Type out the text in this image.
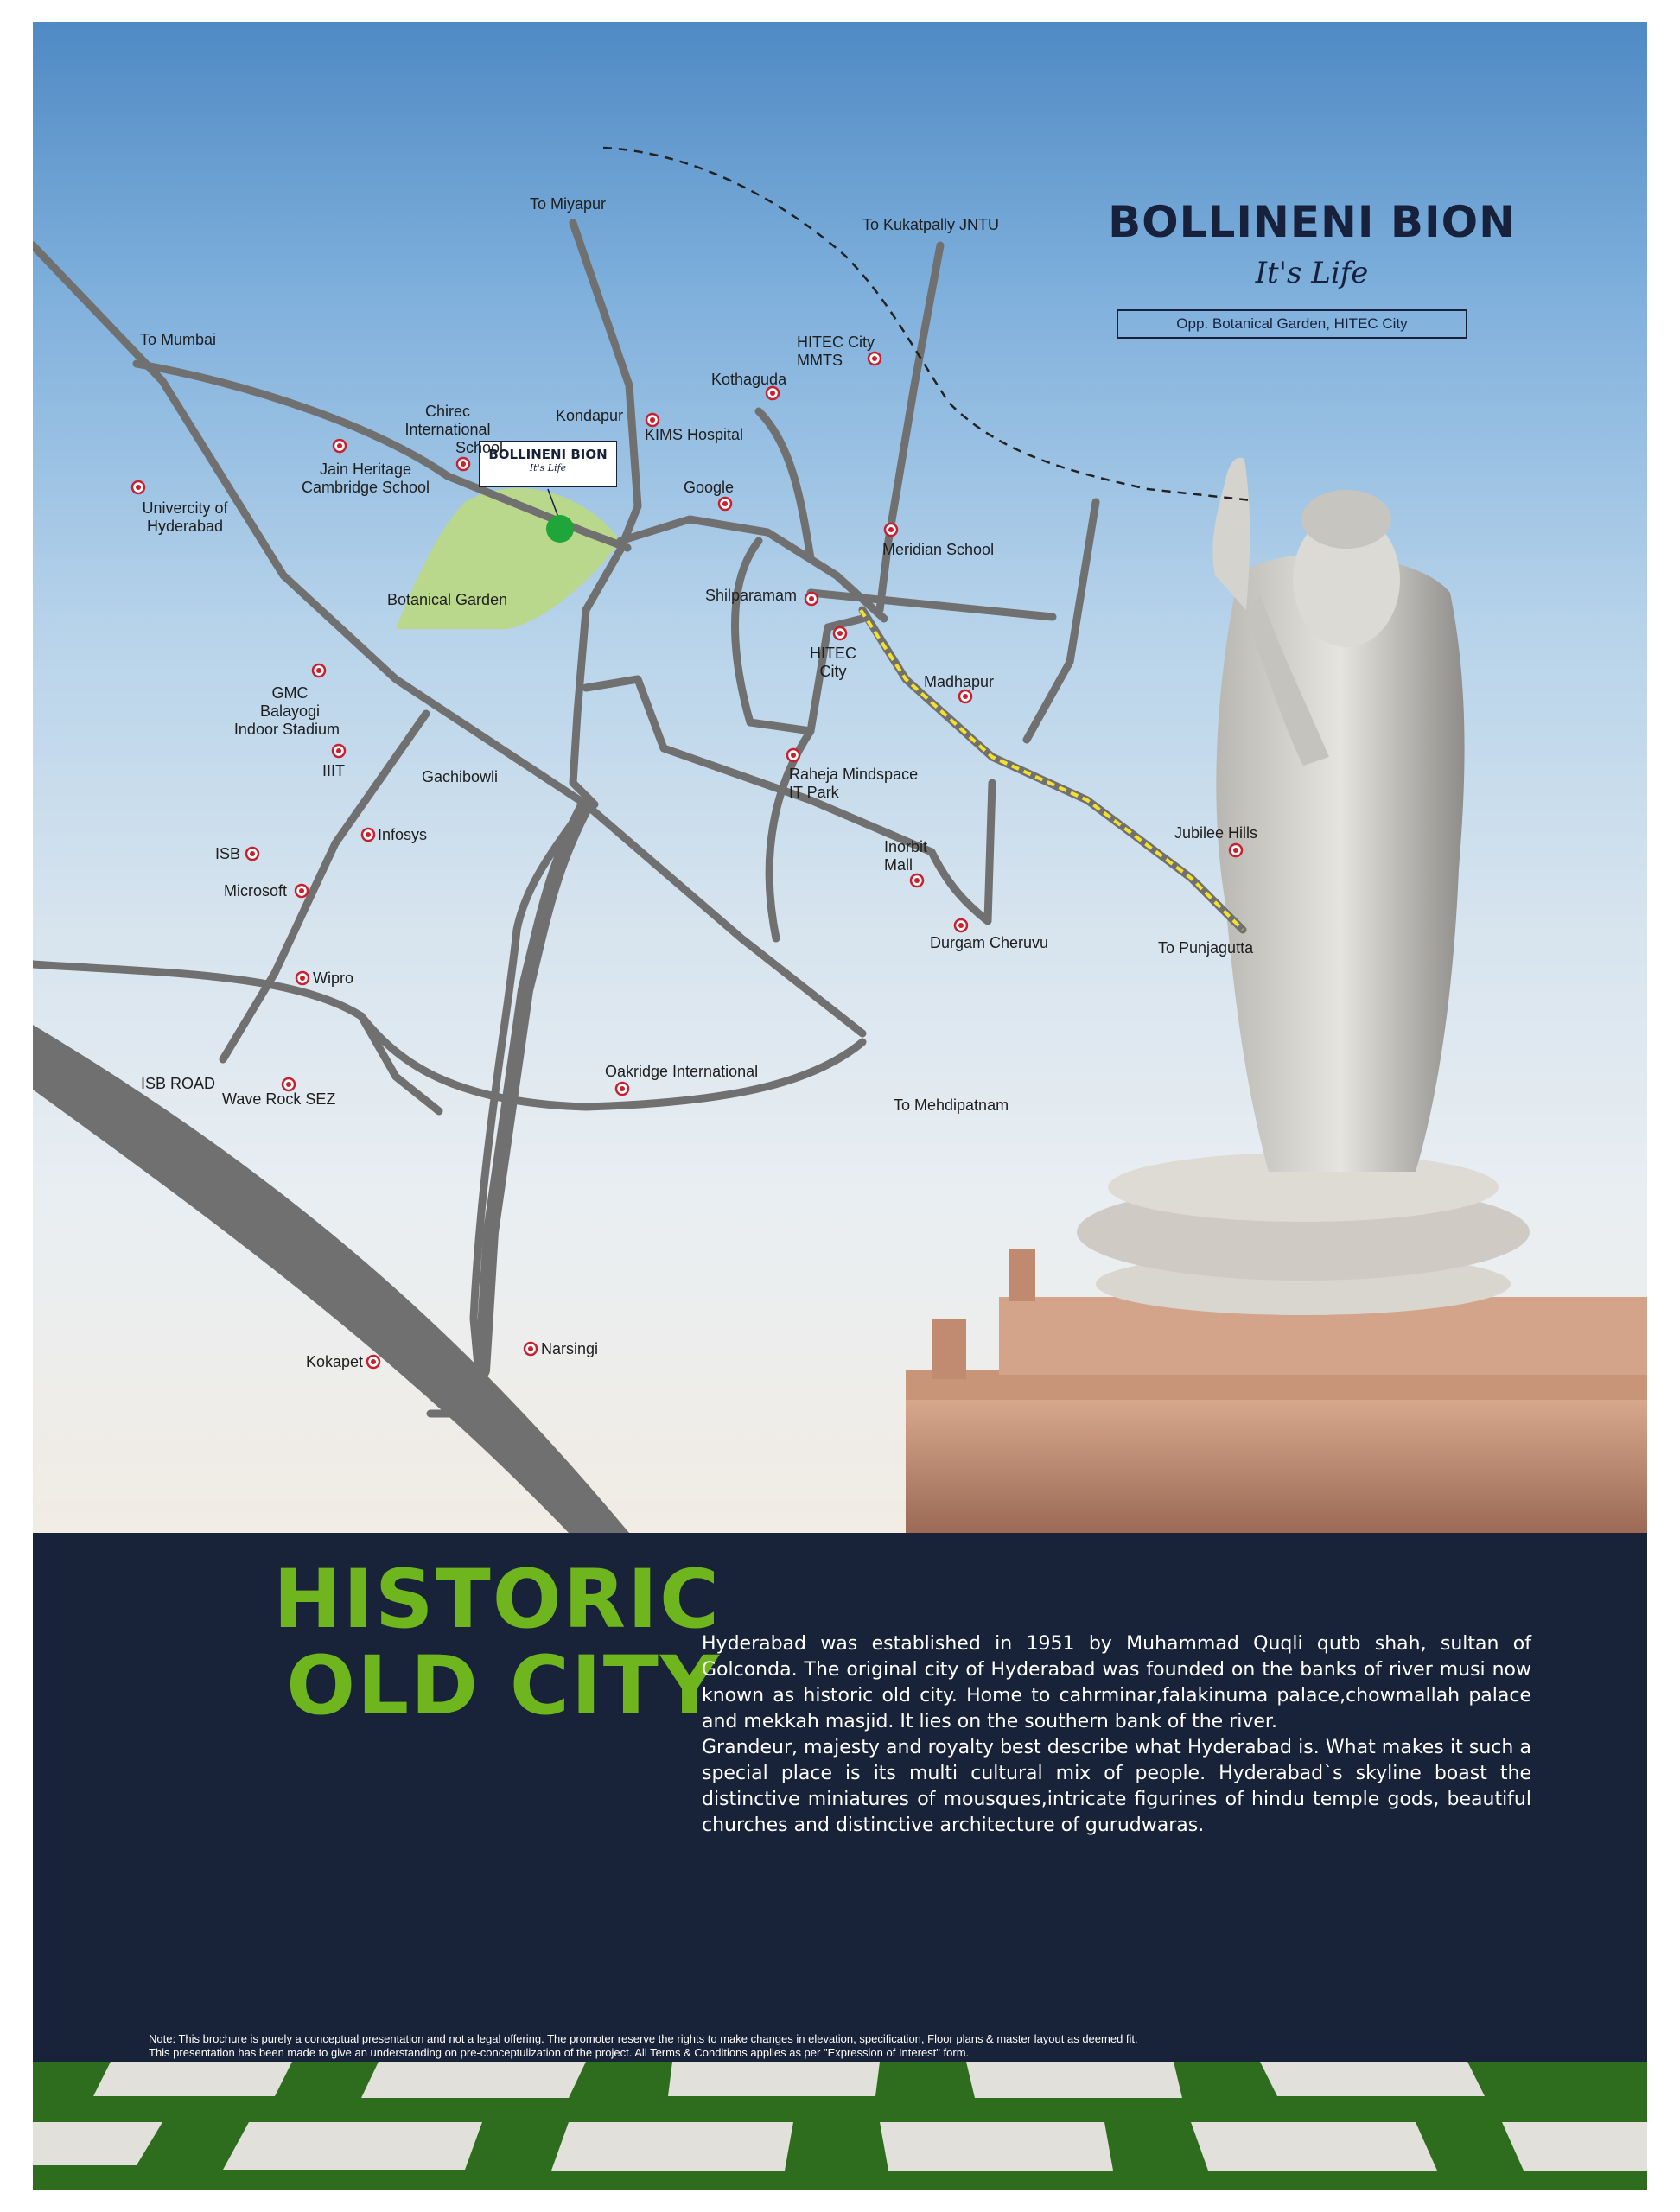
BOLLINENI BION
It's Life
Botanical Garden
To Miyapur
To Kukatpally JNTU
To Mumbai
To Punjagutta
To Mehdipatnam
HITEC City
MMTS
Kothaguda
Kondapur
KIMS Hospital
Chirec
International
School
Jain Heritage
Cambridge School
Univercity of
Hyderabad
Google
Meridian School
Shilparamam
HITEC
City
Madhapur
GMC
Balayogi
Indoor Stadium
IIIT	Gachibowli	Raheja Mindspace
IT Park
Infosys
ISB
Microsoft
Inorbit
Mall
Jubilee Hills
Durgam Cheruvu
Wipro
Oakridge International
ISB ROAD
Wave Rock SEZ
Kokapet
Narsingi
BOLLINENI BION
It's Life
Opp. Botanical Garden, HITEC City
HISTORIC
OLD CITY

Hyderabad was established in 1951 by Muhammad Quqli qutb shah, sultan of Golconda. The original city of Hyderabad was founded on the banks of river musi now known as historic old city. Home to cahrminar,falakinuma palace,chowmallah palace and mekkah masjid. It lies on the southern bank of the river.

Grandeur, majesty and royalty best describe what Hyderabad is. What makes it such a special place is its multi cultural mix of people. Hyderabad`s skyline boast the distinctive miniatures of mousques,intricate figurines of hindu temple gods, beautiful churches and distinctive architecture of gurudwaras.

Note: This brochure is purely a conceptual presentation and not a legal offering. The promoter reserve the rights to make changes in elevation, specification, Floor plans & master layout as deemed fit.
This presentation has been made to give an understanding on pre-conceptulization of the project. All Terms & Conditions applies as per "Expression of Interest" form.
